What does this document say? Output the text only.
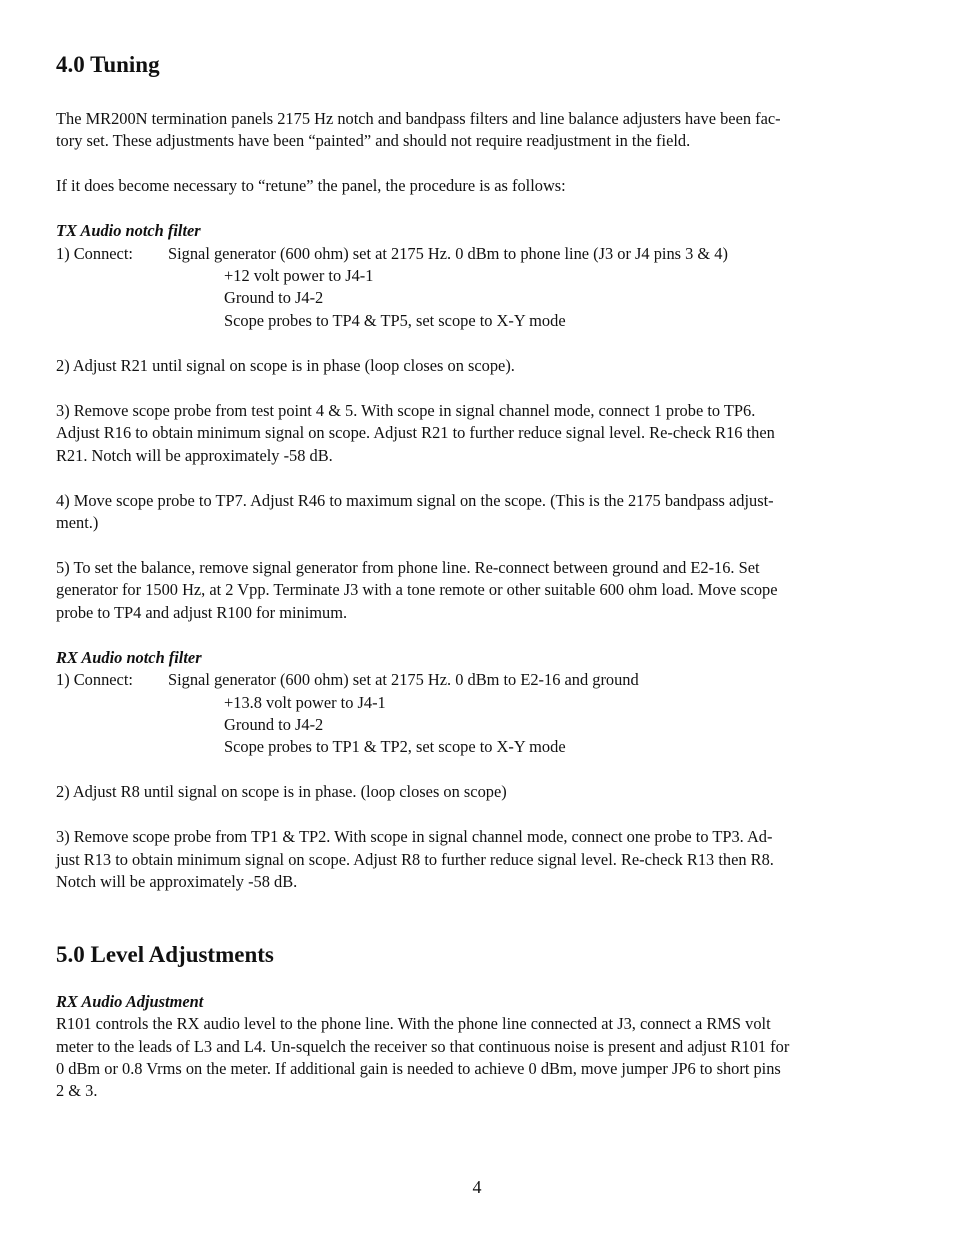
4.0 Tuning
The MR200N termination panels 2175 Hz notch and bandpass filters and line balance adjusters have been fac-
tory set. These adjustments have been “painted” and should not require readjustment in the field.
If it does become necessary to “retune” the panel, the procedure is as follows:
TX Audio notch filter
1) Connect: Signal generator (600 ohm) set at 2175 Hz. 0 dBm to phone line (J3 or J4 pins 3 & 4)
+12 volt power to J4-1
Ground to J4-2
Scope probes to TP4 & TP5, set scope to X-Y mode
2) Adjust R21 until signal on scope is in phase (loop closes on scope).
3) Remove scope probe from test point 4 & 5. With scope in signal channel mode, connect 1 probe to TP6.
Adjust R16 to obtain minimum signal on scope. Adjust R21 to further reduce signal level. Re-check R16 then
R21. Notch will be approximately -58 dB.
4) Move scope probe to TP7. Adjust R46 to maximum signal on the scope. (This is the 2175 bandpass adjust-
ment.)
5) To set the balance, remove signal generator from phone line. Re-connect between ground and E2-16. Set
generator for 1500 Hz, at 2 Vpp. Terminate J3 with a tone remote or other suitable 600 ohm load. Move scope
probe to TP4 and adjust R100 for minimum.
RX Audio notch filter
1) Connect: Signal generator (600 ohm) set at 2175 Hz. 0 dBm to E2-16 and ground
+13.8 volt power to J4-1
Ground to J4-2
Scope probes to TP1 & TP2, set scope to X-Y mode
2) Adjust R8 until signal on scope is in phase. (loop closes on scope)
3) Remove scope probe from TP1 & TP2. With scope in signal channel mode, connect one probe to TP3. Ad-
just R13 to obtain minimum signal on scope. Adjust R8 to further reduce signal level. Re-check R13 then R8.
Notch will be approximately -58 dB.
5.0 Level Adjustments
RX Audio Adjustment
R101 controls the RX audio level to the phone line. With the phone line connected at J3, connect a RMS volt
meter to the leads of L3 and L4. Un-squelch the receiver so that continuous noise is present and adjust R101 for
0 dBm or 0.8 Vrms on the meter. If additional gain is needed to achieve 0 dBm, move jumper JP6 to short pins
2 & 3.
4
